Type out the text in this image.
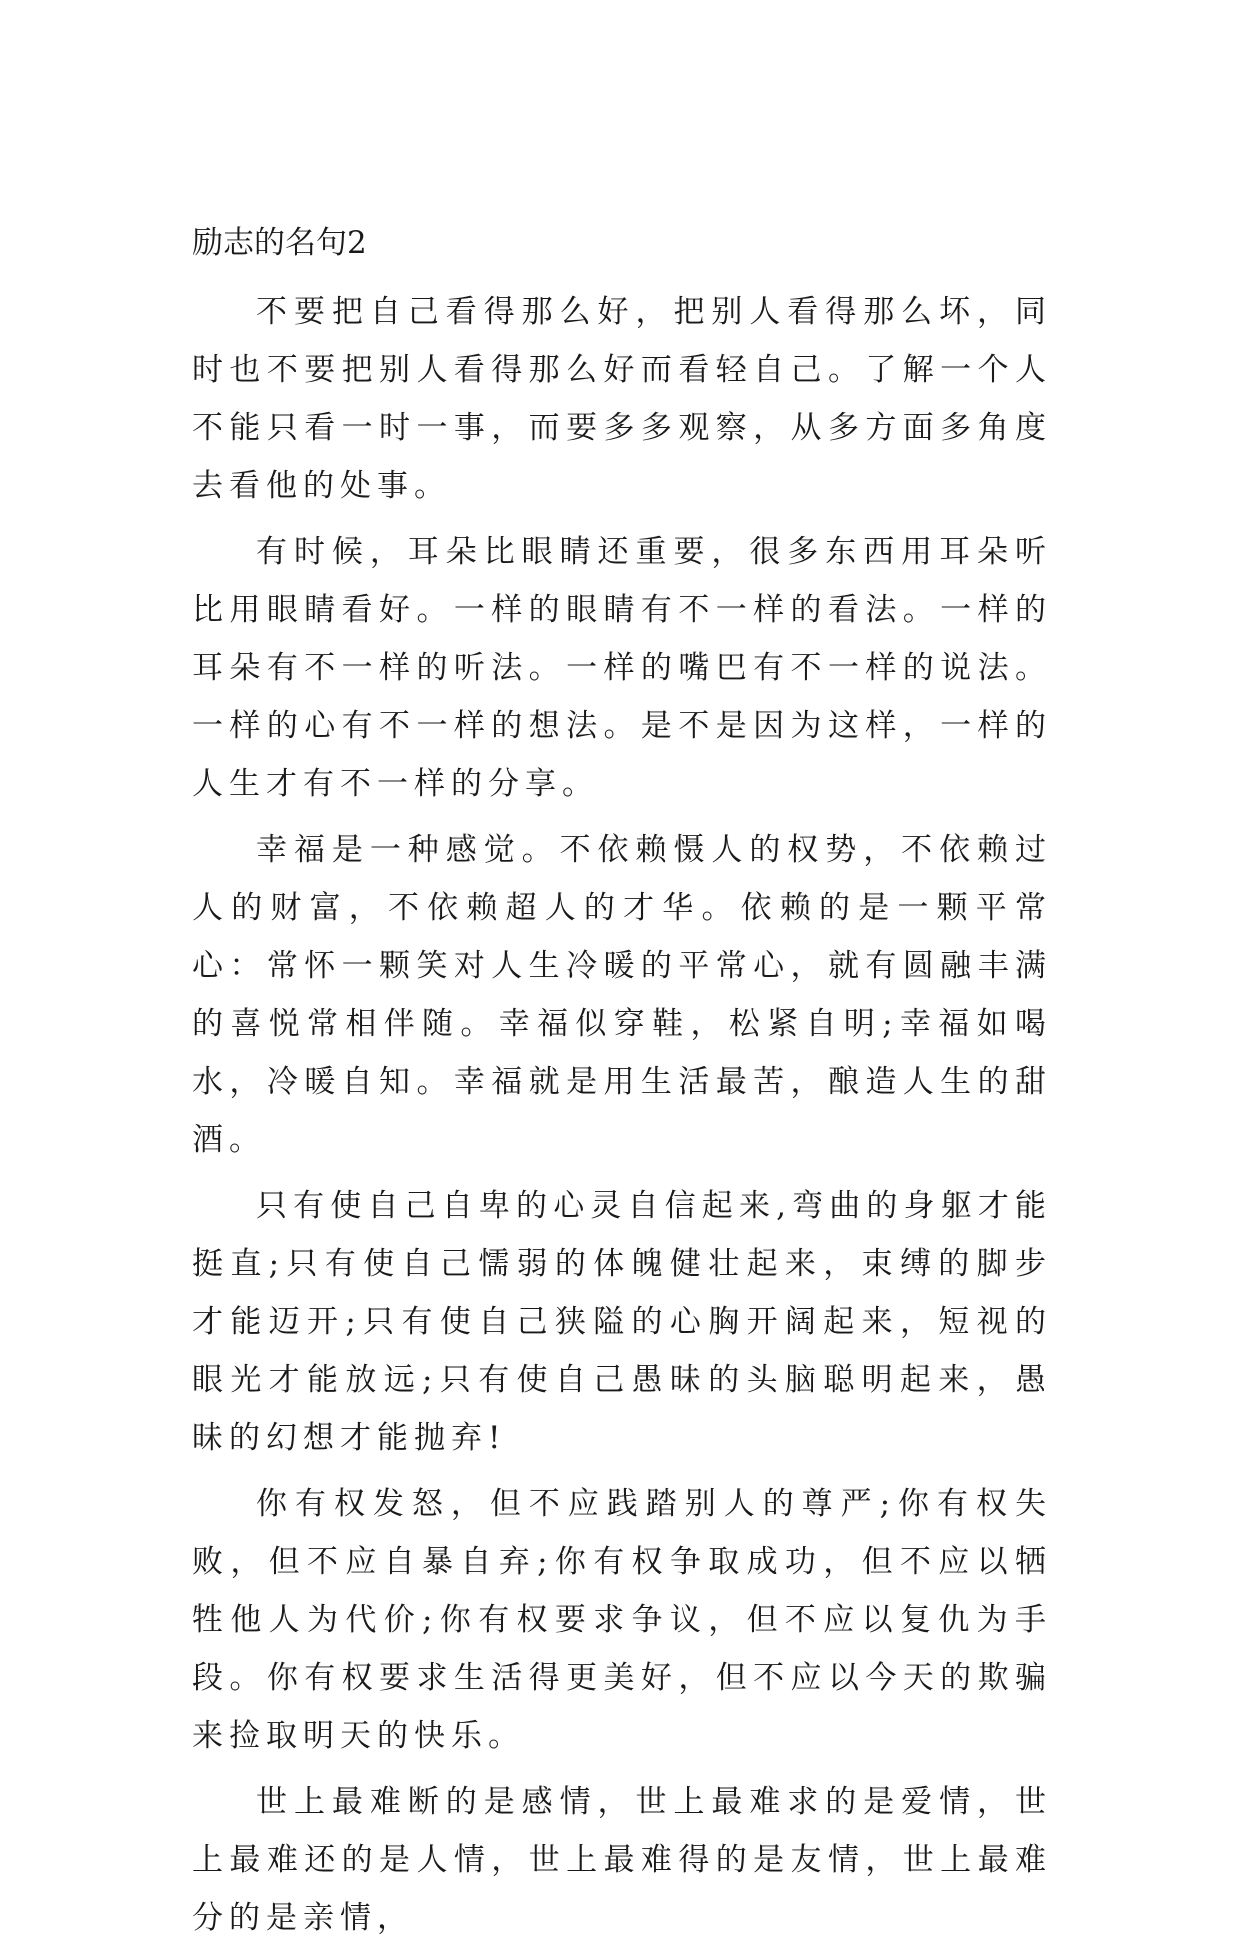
励志的名句2

不要把自己看得那么好，把别人看得那么坏，同时也不要把别人看得那么好而看轻自己。了解一个人不能只看一时一事，而要多多观察，从多方面多角度去看他的处事。

有时候，耳朵比眼睛还重要，很多东西用耳朵听比用眼睛看好。一样的眼睛有不一样的看法。一样的耳朵有不一样的听法。一样的嘴巴有不一样的说法。一样的心有不一样的想法。是不是因为这样，一样的人生才有不一样的分享。

幸福是一种感觉。不依赖慑人的权势，不依赖过人的财富，不依赖超人的才华。依赖的是一颗平常心：常怀一颗笑对人生冷暖的平常心，就有圆融丰满的喜悦常相伴随。幸福似穿鞋，松紧自明;幸福如喝水，冷暖自知。幸福就是用生活最苦，酿造人生的甜酒。

只有使自己自卑的心灵自信起来,弯曲的身躯才能挺直;只有使自己懦弱的体魄健壮起来，束缚的脚步才能迈开;只有使自己狭隘的心胸开阔起来，短视的眼光才能放远;只有使自己愚昧的头脑聪明起来，愚昧的幻想才能抛弃!

你有权发怒，但不应践踏别人的尊严;你有权失败，但不应自暴自弃;你有权争取成功，但不应以牺牲他人为代价;你有权要求争议，但不应以复仇为手段。你有权要求生活得更美好，但不应以今天的欺骗来捡取明天的快乐。

世上最难断的是感情，世上最难求的是爱情，世上最难还的是人情，世上最难得的是友情，世上最难分的是亲情，
